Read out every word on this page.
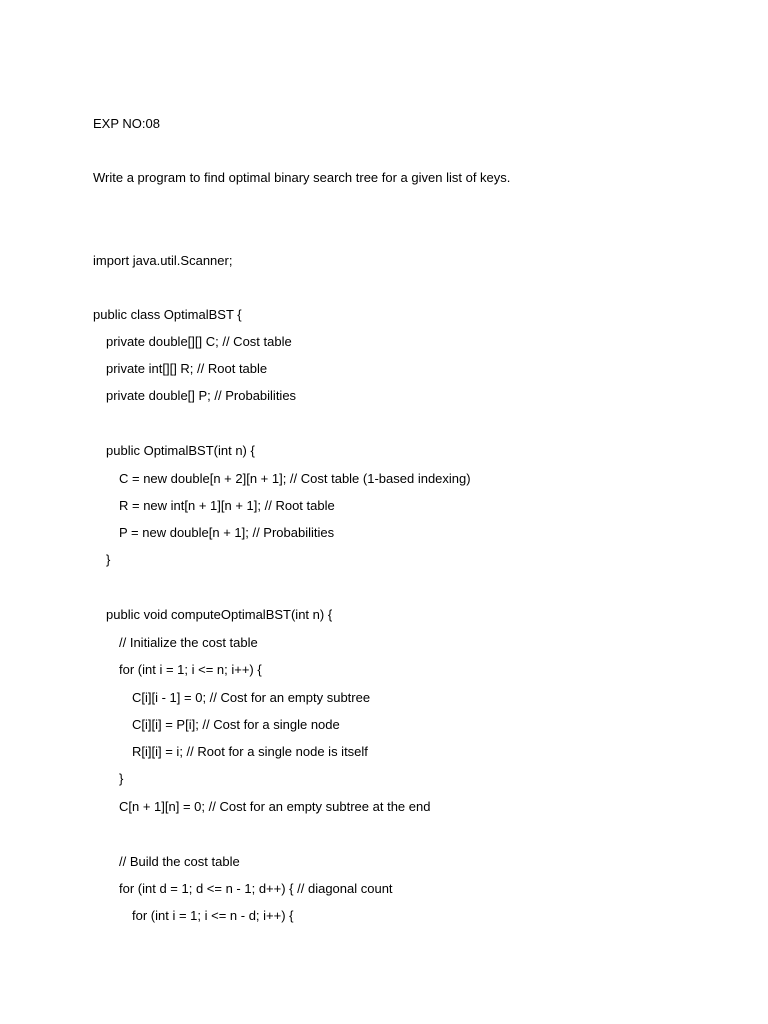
EXP NO:08
Write a program to find optimal binary search tree for a given list of keys.
import java.util.Scanner;
public class OptimalBST {
private double[][] C; // Cost table
private int[][] R; // Root table
private double[] P; // Probabilities
public OptimalBST(int n) {
C = new double[n + 2][n + 1]; // Cost table (1-based indexing)
R = new int[n + 1][n + 1]; // Root table
P = new double[n + 1]; // Probabilities
}
public void computeOptimalBST(int n) {
// Initialize the cost table
for (int i = 1; i <= n; i++) {
C[i][i - 1] = 0; // Cost for an empty subtree
C[i][i] = P[i]; // Cost for a single node
R[i][i] = i; // Root for a single node is itself
}
C[n + 1][n] = 0; // Cost for an empty subtree at the end
// Build the cost table
for (int d = 1; d <= n - 1; d++) { // diagonal count
for (int i = 1; i <= n - d; i++) {
